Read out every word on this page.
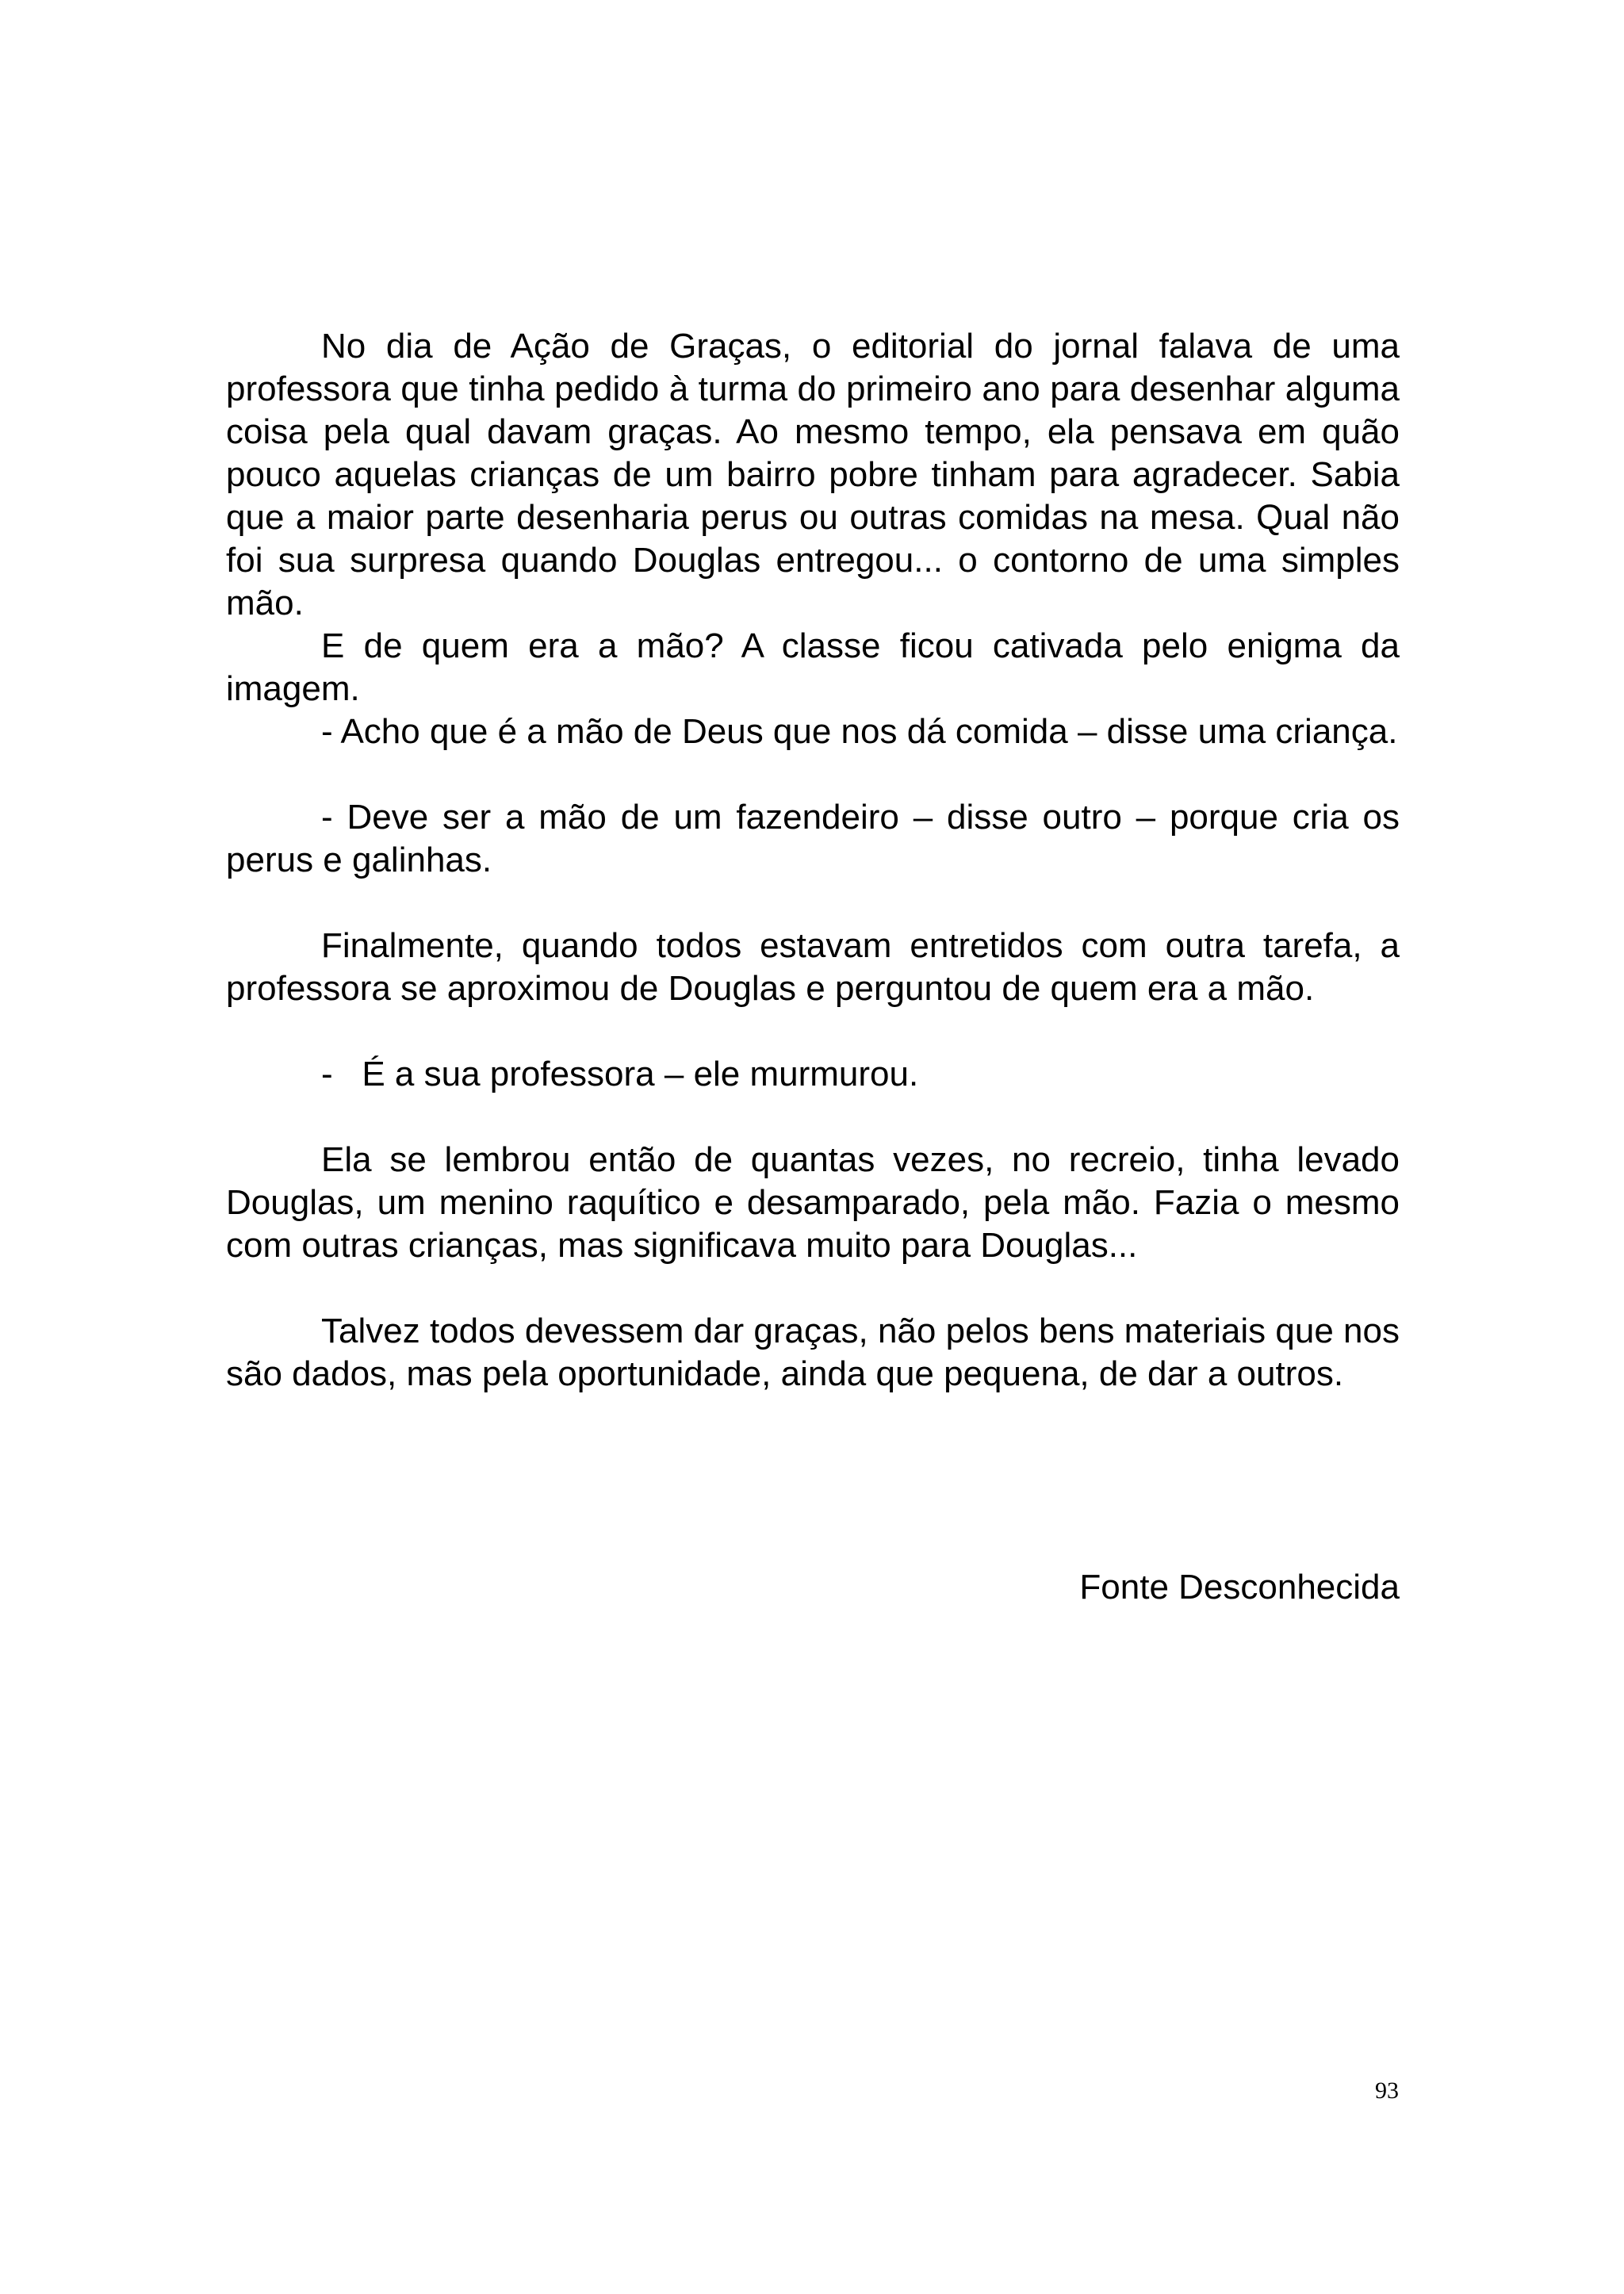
No dia de Ação de Graças, o editorial do jornal falava de uma professora que tinha pedido à turma do primeiro ano para desenhar alguma coisa pela qual davam graças. Ao mesmo tempo, ela pensava em quão pouco aquelas crianças de um bairro pobre tinham para agradecer. Sabia que a maior parte desenharia perus ou outras comidas na mesa. Qual não foi sua surpresa quando Douglas entregou... o contorno de uma simples mão.

E de quem era a mão? A classe ficou cativada pelo enigma da imagem.

- Acho que é a mão de Deus que nos dá comida – disse uma criança.

- Deve ser a mão de um fazendeiro – disse outro – porque cria os perus e galinhas.

Finalmente, quando todos estavam entretidos com outra tarefa, a professora se aproximou de Douglas e perguntou de quem era a mão.

-   É a sua professora – ele murmurou.

Ela se lembrou então de quantas vezes, no recreio, tinha levado Douglas, um menino raquítico e desamparado, pela mão. Fazia o mesmo com outras crianças, mas significava muito para Douglas...

Talvez todos devessem dar graças, não pelos bens materiais que nos são dados, mas pela oportunidade, ainda que pequena, de dar a outros.

Fonte Desconhecida
93
